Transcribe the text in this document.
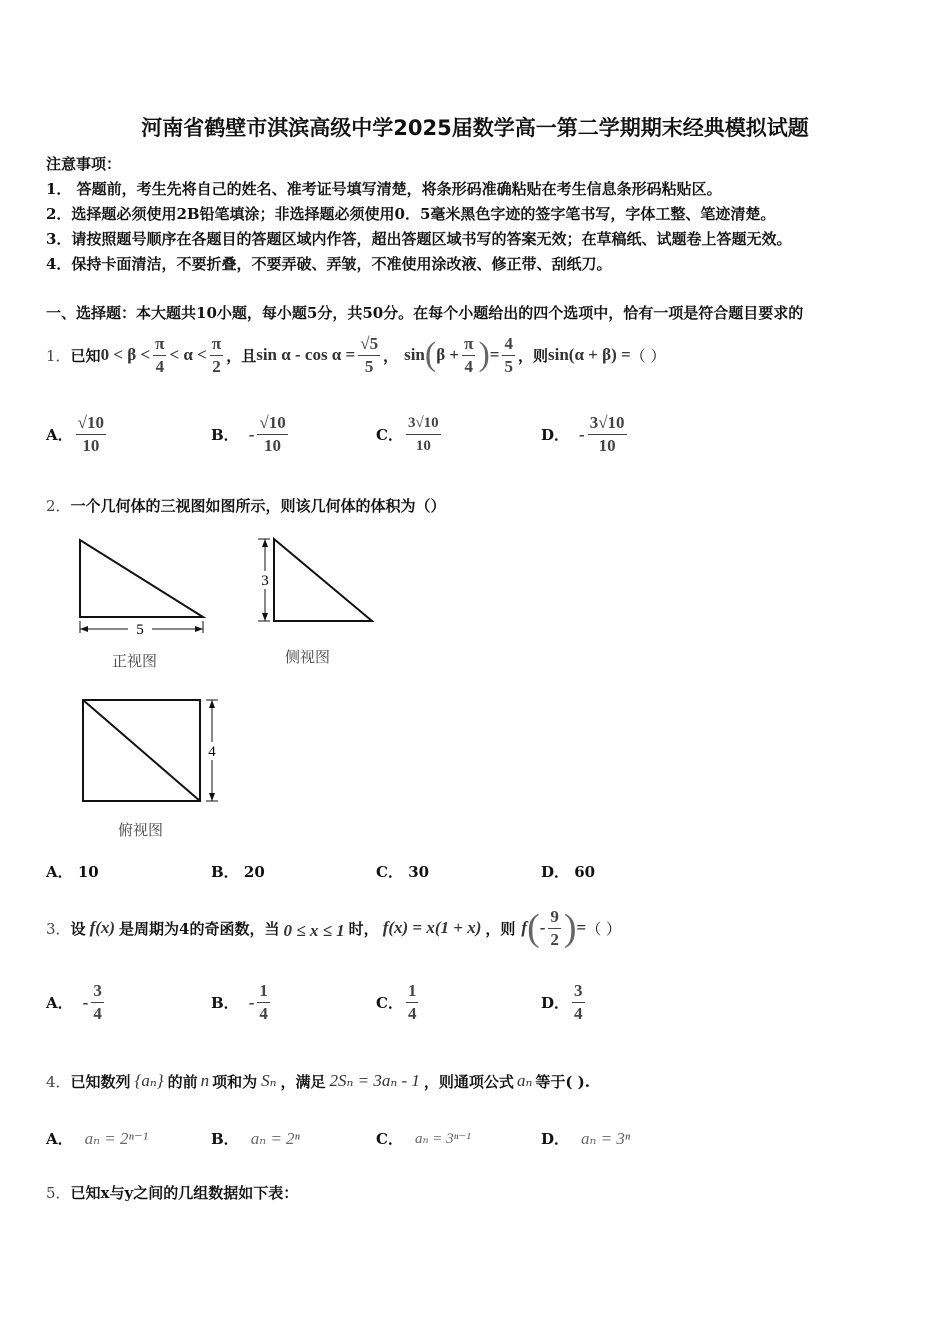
河南省鹤壁市淇滨高级中学2025届数学高一第二学期期末经典模拟试题
注意事项：
1． 答题前，考生先将自己的姓名、准考证号填写清楚，将条形码准确粘贴在考生信息条形码粘贴区。
2．选择题必须使用2B铅笔填涂；非选择题必须使用0．5毫米黑色字迹的签字笔书写，字体工整、笔迹清楚。
3．请按照题号顺序在各题目的答题区域内作答，超出答题区域书写的答案无效；在草稿纸、试题卷上答题无效。
4．保持卡面清洁，不要折叠，不要弄破、弄皱，不准使用涂改液、修正带、刮纸刀。
一、选择题：本大题共10小题，每小题5分，共50分。在每个小题给出的四个选项中，恰有一项是符合题目要求的
1． 已知 $0 < \beta < \frac{\pi}{4} < \alpha < \frac{\pi}{2}$ ，且 $\sin \alpha - \cos \alpha = \frac{√5}{5}$ ， sin ( $\beta + \frac{\pi}{4}$ ) = $\frac{4}{5}$ ，则 sin(α + β) = （ ）
A． $\frac{√10}{10}$	B． - $\frac{√10}{10}$	C． $\frac{3√10}{10}$	D． - $\frac{3√10}{10}$
2．一个几何体的三视图如图所示，则该几何体的体积为（）
5
正视图
3
侧视图
4
俯视图
A． 10	B． 20	C． 30	D． 60
3． 设 f(x) 是周期为4的奇函数，当 0 ≤ x ≤ 1 时， f(x) = x(1 + x) ，则 f ( - $\frac{9}{2}$ ) = （ ）
A． - $\frac{3}{4}$	B． - $\frac{1}{4}$	C． $\frac{1}{4}$	D． $\frac{3}{4}$
4． 已知数列 {aₙ} 的前 n 项和为 Sₙ ，满足 2Sₙ = 3aₙ - 1 ，则通项公式 aₙ 等于( ).
A． aₙ = 2ⁿ⁻¹	B． aₙ = 2ⁿ	C． aₙ = 3ⁿ⁻¹	D． aₙ = 3ⁿ
5．已知x与y之间的几组数据如下表：
